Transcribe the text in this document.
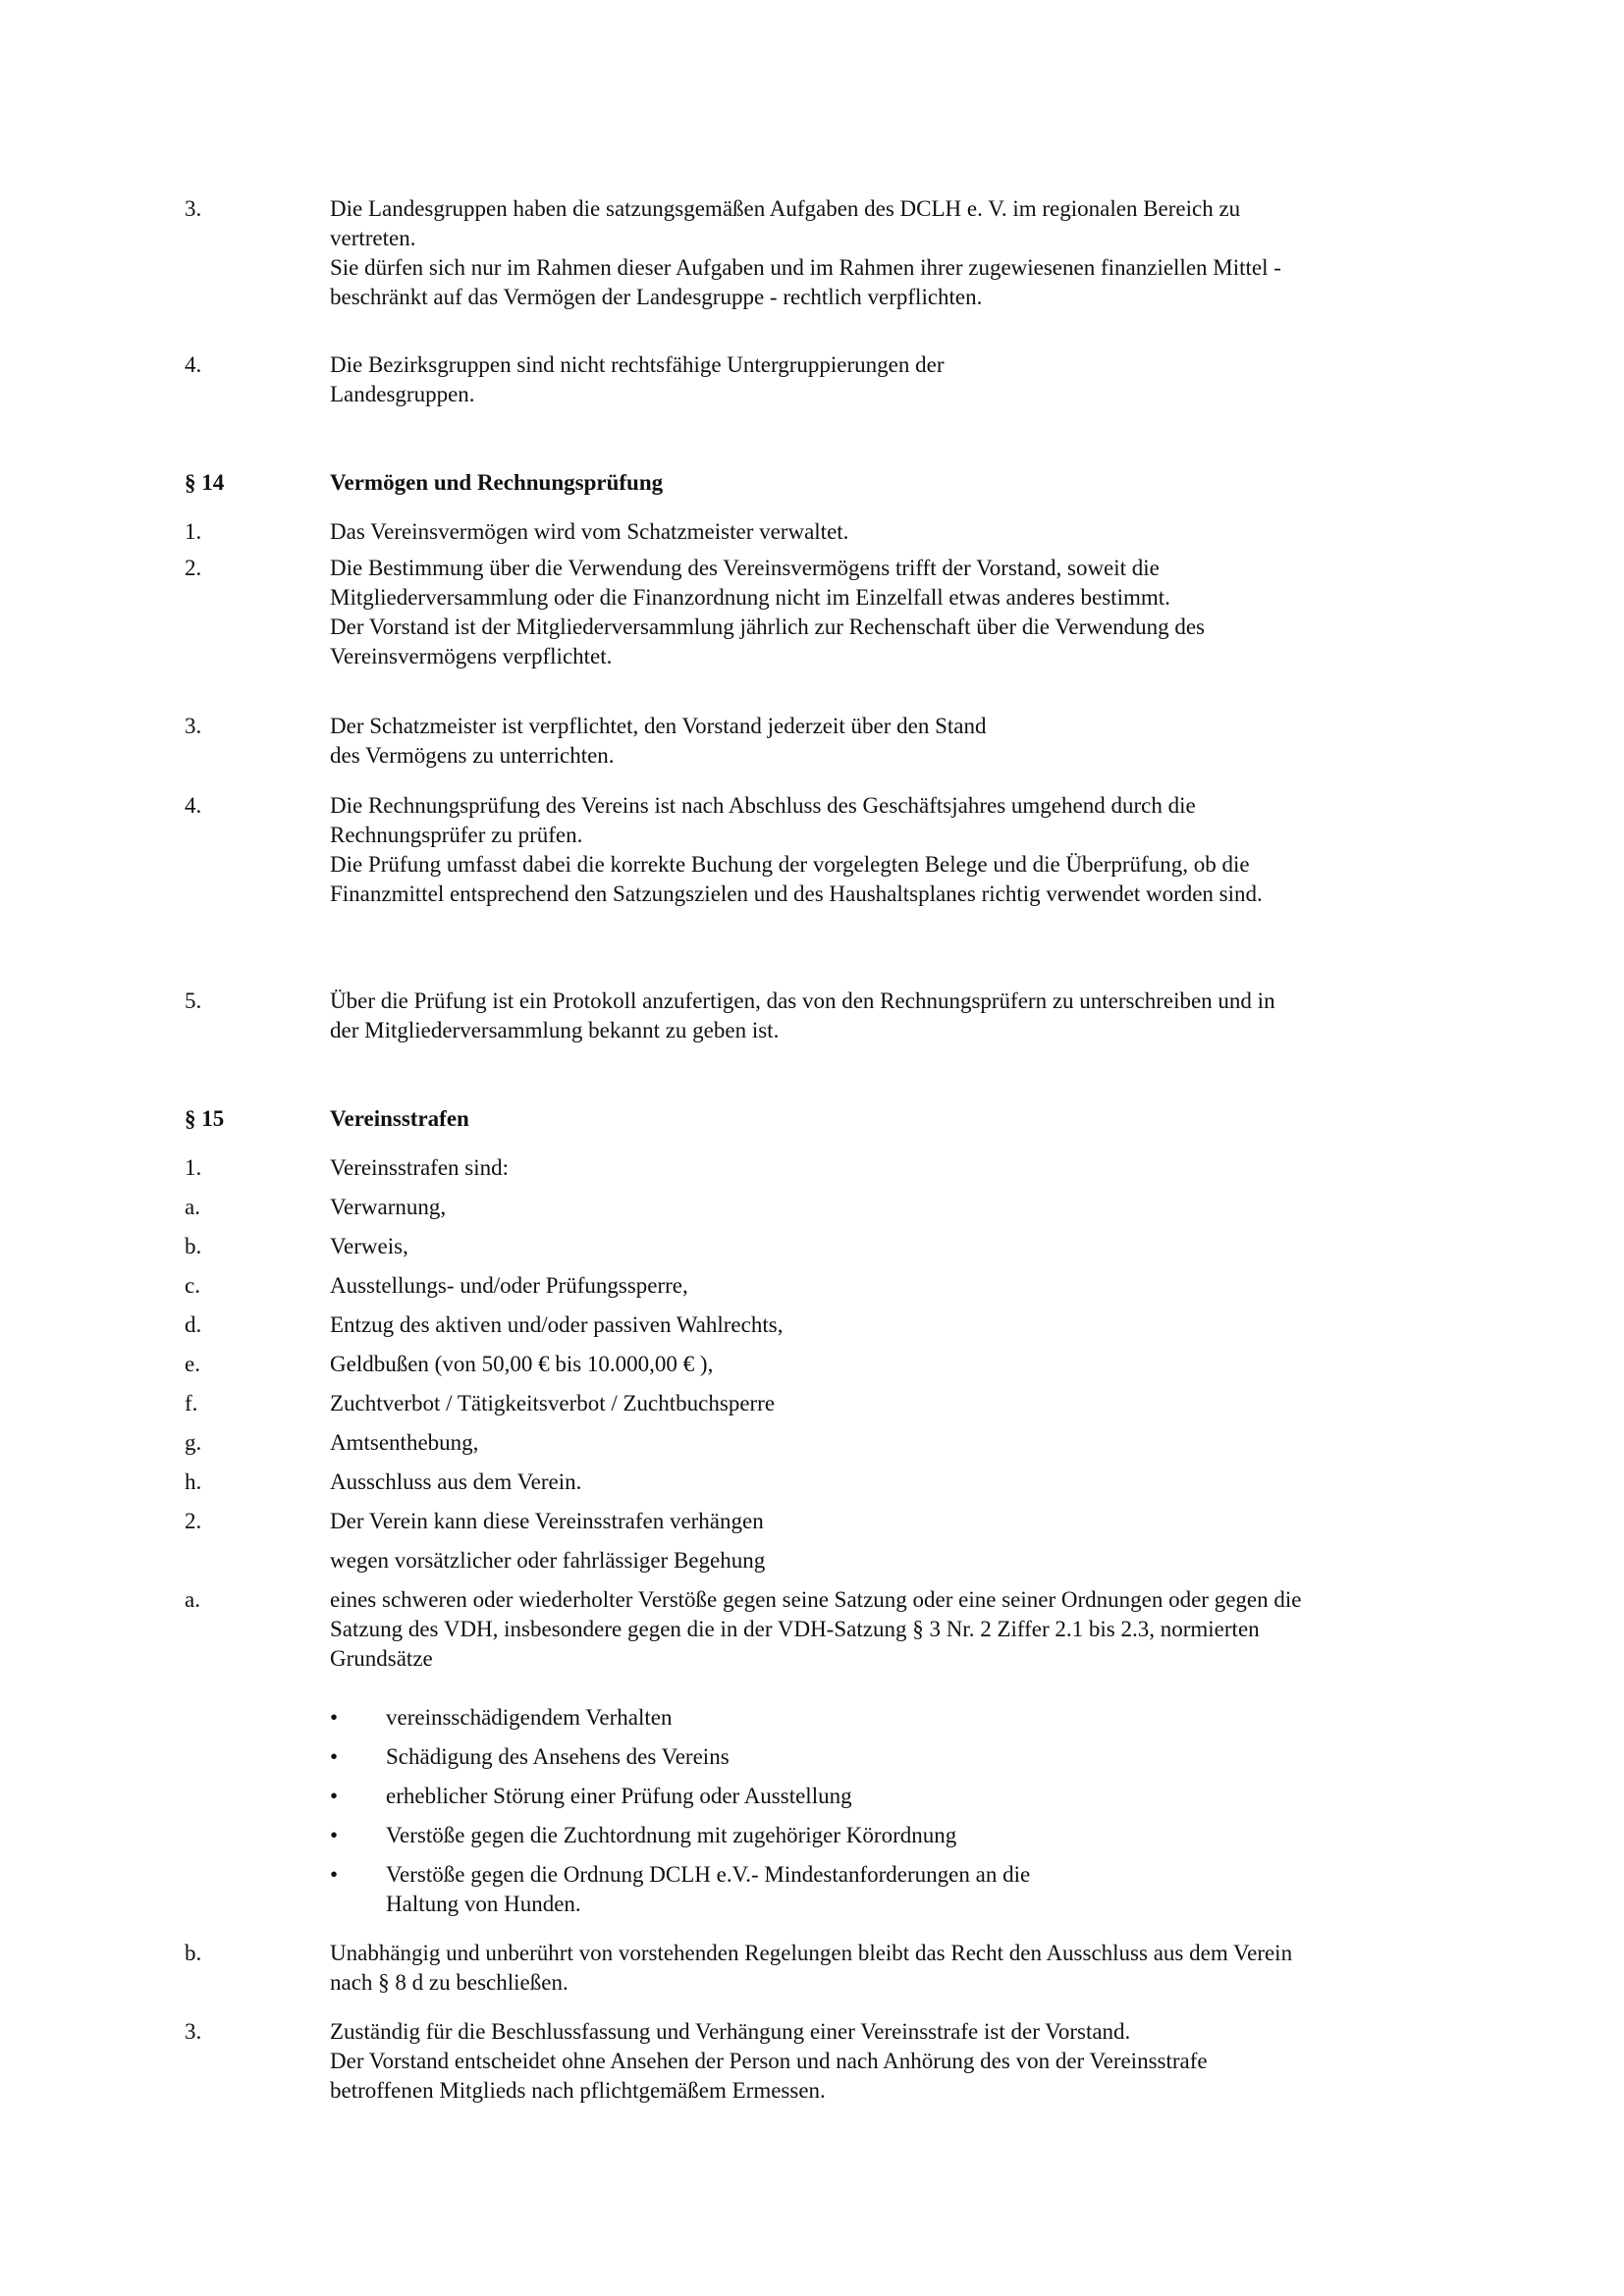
3.	Die Landesgruppen haben die satzungsgemäßen Aufgaben des DCLH e. V. im regionalen Bereich zu
vertreten.
Sie dürfen sich nur im Rahmen dieser Aufgaben und im Rahmen ihrer zugewiesenen finanziellen Mittel -
beschränkt auf das Vermögen der Landesgruppe - rechtlich verpflichten.
4.	Die Bezirksgruppen sind nicht rechtsfähige Untergruppierungen der
Landesgruppen.
§ 14	Vermögen und Rechnungsprüfung
1.	Das Vereinsvermögen wird vom Schatzmeister verwaltet.
2.	Die Bestimmung über die Verwendung des Vereinsvermögens trifft der Vorstand, soweit die
Mitgliederversammlung oder die Finanzordnung nicht im Einzelfall etwas anderes bestimmt.
Der Vorstand ist der Mitgliederversammlung jährlich zur Rechenschaft über die Verwendung des
Vereinsvermögens verpflichtet.
3.	Der Schatzmeister ist verpflichtet, den Vorstand jederzeit über den Stand
des Vermögens zu unterrichten.
4.	Die Rechnungsprüfung des Vereins ist nach Abschluss des Geschäftsjahres umgehend durch die
Rechnungsprüfer zu prüfen.
Die Prüfung umfasst dabei die korrekte Buchung der vorgelegten Belege und die Überprüfung, ob die
Finanzmittel entsprechend den Satzungszielen und des Haushaltsplanes richtig verwendet worden sind.
5.	Über die Prüfung ist ein Protokoll anzufertigen, das von den Rechnungsprüfern zu unterschreiben und in
der Mitgliederversammlung bekannt zu geben ist.
§ 15	Vereinsstrafen
1.	Vereinsstrafen sind:
a.	Verwarnung,
b.	Verweis,
c.	Ausstellungs- und/oder Prüfungssperre,
d.	Entzug des aktiven und/oder passiven Wahlrechts,
e.	Geldbußen (von 50,00 € bis 10.000,00 € ),
f.	Zuchtverbot / Tätigkeitsverbot / Zuchtbuchsperre
g.	Amtsenthebung,
h.	Ausschluss aus dem Verein.
2.	Der Verein kann diese Vereinsstrafen verhängen
wegen vorsätzlicher oder fahrlässiger Begehung
a.	eines schweren oder wiederholter Verstöße gegen seine Satzung oder eine seiner Ordnungen oder gegen die
Satzung des VDH, insbesondere gegen die in der VDH-Satzung § 3 Nr. 2 Ziffer 2.1 bis 2.3, normierten
Grundsätze
•	vereinsschädigendem Verhalten
•	Schädigung des Ansehens des Vereins
•	erheblicher Störung einer Prüfung oder Ausstellung
•	Verstöße gegen die Zuchtordnung mit zugehöriger Körordnung
•	Verstöße gegen die Ordnung DCLH e.V.- Mindestanforderungen an die
Haltung von Hunden.
b.	Unabhängig und unberührt von vorstehenden Regelungen bleibt das Recht den Ausschluss aus dem Verein
nach § 8 d zu beschließen.
3.	Zuständig für die Beschlussfassung und Verhängung einer Vereinsstrafe ist der Vorstand.
Der Vorstand entscheidet ohne Ansehen der Person und nach Anhörung des von der Vereinsstrafe
betroffenen Mitglieds nach pflichtgemäßem Ermessen.
